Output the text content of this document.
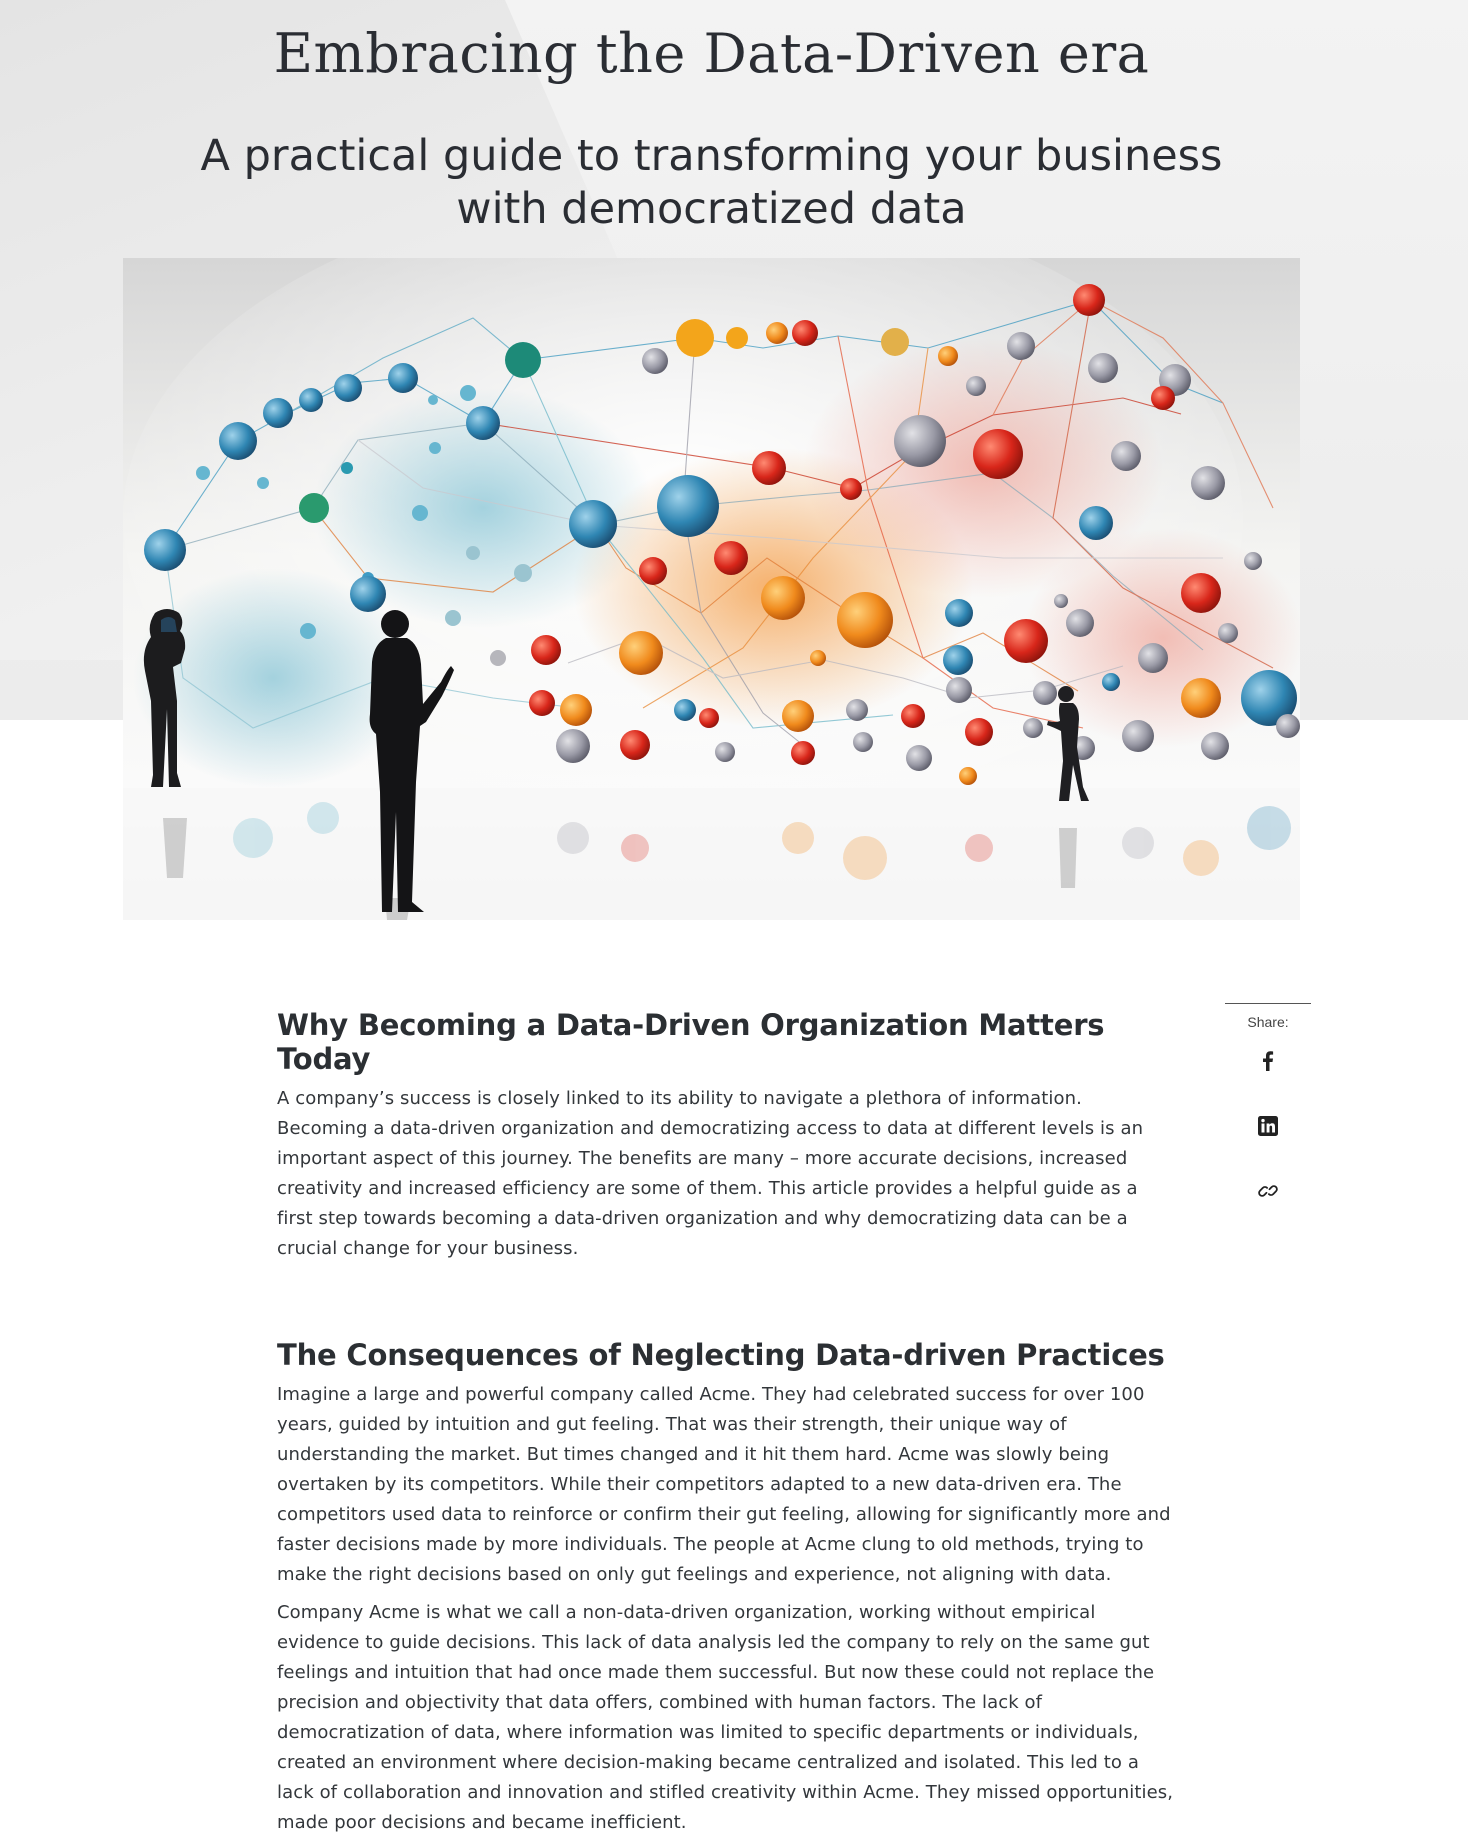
Embracing the Data-Driven era
A practical guide to transforming your business with democratized data
Why Becoming a Data-Driven Organization Matters Today

A company’s success is closely linked to its ability to navigate a plethora of information. Becoming a data-driven organization and democratizing access to data at different levels is an important aspect of this journey. The benefits are many – more accurate decisions, increased creativity and increased efficiency are some of them. This article provides a helpful guide as a first step towards becoming a data-driven organization and why democratizing data can be a crucial change for your business.

The Consequences of Neglecting Data-driven Practices

Imagine a large and powerful company called Acme. They had celebrated success for over 100 years, guided by intuition and gut feeling. That was their strength, their unique way of understanding the market. But times changed and it hit them hard. Acme was slowly being overtaken by its competitors. While their competitors adapted to a new data-driven era. The competitors used data to reinforce or confirm their gut feeling, allowing for significantly more and faster decisions made by more individuals. The people at Acme clung to old methods, trying to make the right decisions based on only gut feelings and experience, not aligning with data.

Company Acme is what we call a non-data-driven organization, working without empirical evidence to guide decisions. This lack of data analysis led the company to rely on the same gut feelings and intuition that had once made them successful. But now these could not replace the precision and objectivity that data offers, combined with human factors. The lack of democratization of data, where information was limited to specific departments or individuals, created an environment where decision-making became centralized and isolated. This led to a lack of collaboration and innovation and stifled creativity within Acme. They missed opportunities, made poor decisions and became inefficient.

Share:
